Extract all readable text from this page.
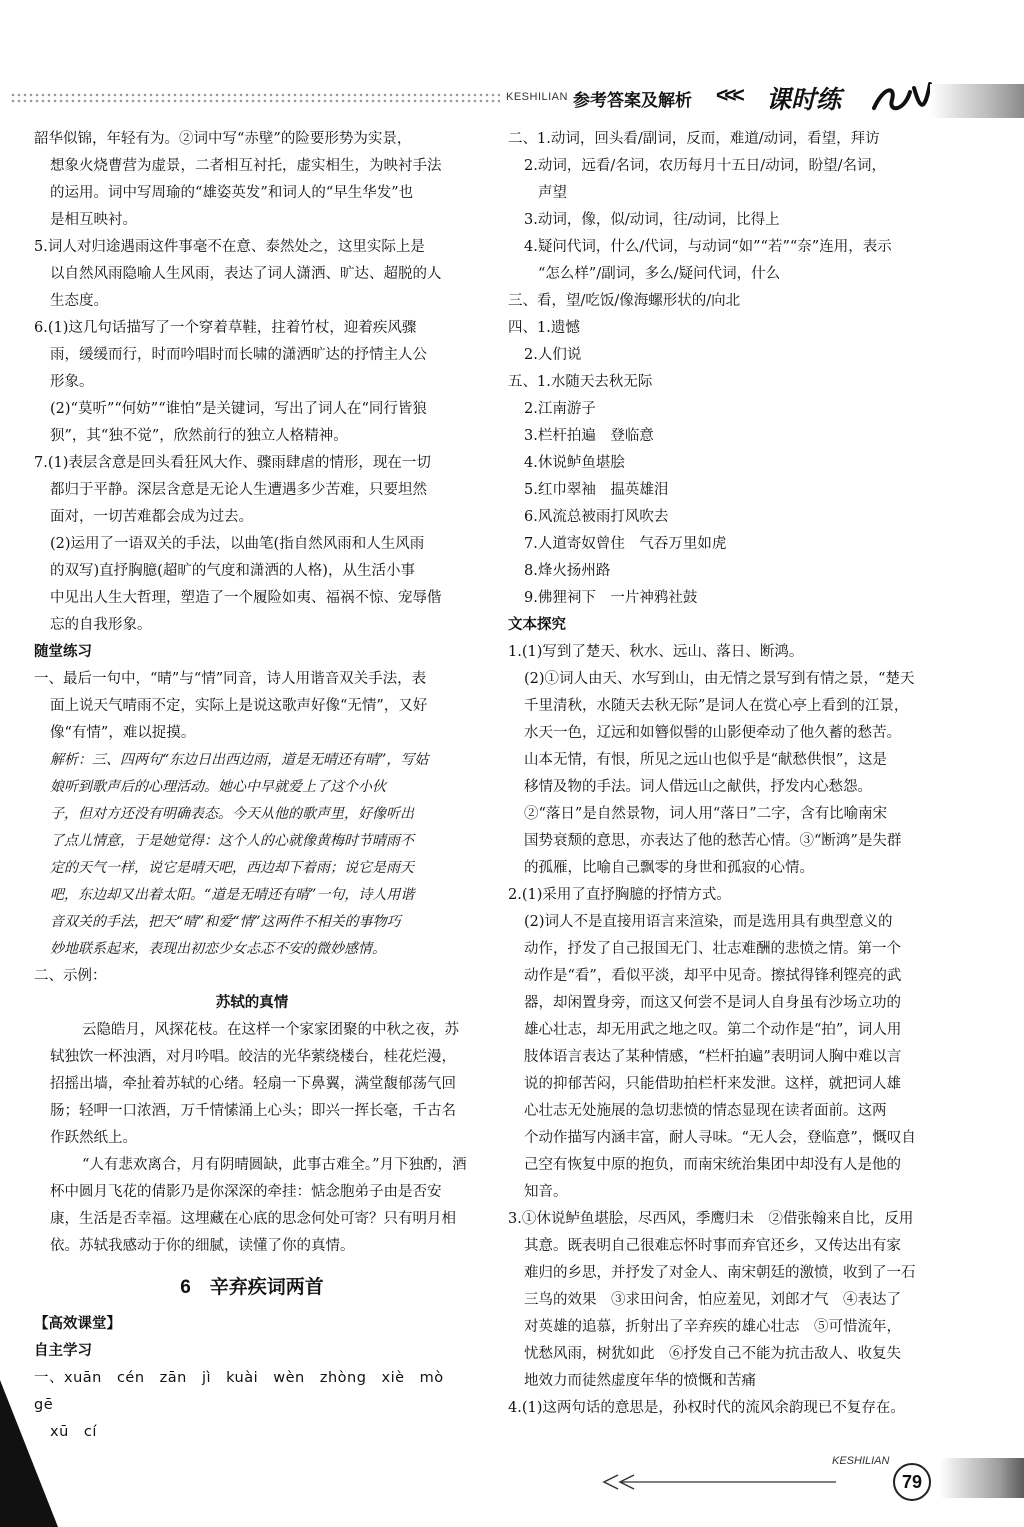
KESHILIAN 参考答案及解析 <<< 课时练

韶华似锦，年轻有为。②词中写“赤壁”的险要形势为实景，

想象火烧曹营为虚景，二者相互衬托，虚实相生，为映衬手法

的运用。词中写周瑜的“雄姿英发”和词人的“早生华发”也

是相互映衬。

5.词人对归途遇雨这件事毫不在意、泰然处之，这里实际上是

以自然风雨隐喻人生风雨，表达了词人潇洒、旷达、超脱的人

生态度。

6.(1)这几句话描写了一个穿着草鞋，拄着竹杖，迎着疾风骤

雨，缓缓而行，时而吟唱时而长啸的潇洒旷达的抒情主人公

形象。

(2)“莫听”“何妨”“谁怕”是关键词，写出了词人在“同行皆狼

狈”，其“独不觉”，欣然前行的独立人格精神。

7.(1)表层含意是回头看狂风大作、骤雨肆虐的情形，现在一切

都归于平静。深层含意是无论人生遭遇多少苦难，只要坦然

面对，一切苦难都会成为过去。

(2)运用了一语双关的手法，以曲笔(指自然风雨和人生风雨

的双写)直抒胸臆(超旷的气度和潇洒的人格)，从生活小事

中见出人生大哲理，塑造了一个履险如夷、福祸不惊、宠辱偕

忘的自我形象。

随堂练习

一、最后一句中，“晴”与“情”同音，诗人用谐音双关手法，表

面上说天气晴雨不定，实际上是说这歌声好像“无情”，又好

像“有情”，难以捉摸。

解析：三、四两句“东边日出西边雨，道是无晴还有晴”，写姑

娘听到歌声后的心理活动。她心中早就爱上了这个小伙

子，但对方还没有明确表态。今天从他的歌声里，好像听出

了点儿情意，于是她觉得：这个人的心就像黄梅时节晴雨不

定的天气一样，说它是晴天吧，西边却下着雨；说它是雨天

吧，东边却又出着太阳。“道是无晴还有晴”一句，诗人用谐

音双关的手法，把天“晴”和爱“情”这两件不相关的事物巧

妙地联系起来，表现出初恋少女忐忑不安的微妙感情。

二、示例：

苏轼的真情

云隐皓月，风探花枝。在这样一个家家团聚的中秋之夜，苏轼独饮一杯浊酒，对月吟唱。皎洁的光华萦绕楼台，桂花烂漫，招摇出墙，牵扯着苏轼的心绪。轻扇一下鼻翼，满堂馥郁荡气回肠；轻呷一口浓酒，万千情愫涌上心头；即兴一挥长毫，千古名作跃然纸上。

“人有悲欢离合，月有阴晴圆缺，此事古难全。”月下独酌，酒杯中圆月飞花的倩影乃是你深深的牵挂：惦念胞弟子由是否安康，生活是否幸福。这埋藏在心底的思念何处可寄？只有明月相依。苏轼我感动于你的细腻，读懂了你的真情。

6　辛弃疾词两首

【高效课堂】

自主学习

一、xuān cén zān jì kuài wèn zhòng xiè mò gē

xū cí

二、1.动词，回头看/副词，反而，难道/动词，看望，拜访

2.动词，远看/名词，农历每月十五日/动词，盼望/名词，

声望

3.动词，像，似/动词，往/动词，比得上

4.疑问代词，什么/代词，与动词“如”“若”“奈”连用，表示

“怎么样”/副词，多么/疑问代词，什么

三、看，望/吃饭/像海螺形状的/向北

四、1.遗憾

2.人们说

五、1.水随天去秋无际

2.江南游子

3.栏杆拍遍　登临意

4.休说鲈鱼堪脍

5.红巾翠袖　揾英雄泪

6.风流总被雨打风吹去

7.人道寄奴曾住　气吞万里如虎

8.烽火扬州路

9.佛狸祠下　一片神鸦社鼓

文本探究

1.(1)写到了楚天、秋水、远山、落日、断鸿。

(2)①词人由天、水写到山，由无情之景写到有情之景，“楚天

千里清秋，水随天去秋无际”是词人在赏心亭上看到的江景，

水天一色，辽远和如簪似髻的山影便牵动了他久蓄的愁苦。

山本无情，有恨，所见之远山也似乎是“献愁供恨”，这是

移情及物的手法。词人借远山之献供，抒发内心愁怨。

②“落日”是自然景物，词人用“落日”二字，含有比喻南宋

国势衰颓的意思，亦表达了他的愁苦心情。③“断鸿”是失群

的孤雁，比喻自己飘零的身世和孤寂的心情。

2.(1)采用了直抒胸臆的抒情方式。

(2)词人不是直接用语言来渲染，而是选用具有典型意义的

动作，抒发了自己报国无门、壮志难酬的悲愤之情。第一个

动作是“看”，看似平淡，却平中见奇。擦拭得锋利铿亮的武

器，却闲置身旁，而这又何尝不是词人自身虽有沙场立功的

雄心壮志，却无用武之地之叹。第二个动作是“拍”，词人用

肢体语言表达了某种情感，“栏杆拍遍”表明词人胸中难以言

说的抑郁苦闷，只能借助拍栏杆来发泄。这样，就把词人雄

心壮志无处施展的急切悲愤的情态显现在读者面前。这两

个动作描写内涵丰富，耐人寻味。“无人会，登临意”，慨叹自

己空有恢复中原的抱负，而南宋统治集团中却没有人是他的

知音。

3.①休说鲈鱼堪脍，尽西风，季鹰归未　②借张翰来自比，反用

其意。既表明自己很难忘怀时事而弃官还乡，又传达出有家

难归的乡思，并抒发了对金人、南宋朝廷的激愤，收到了一石

三鸟的效果　③求田问舍，怕应羞见，刘郎才气　④表达了

对英雄的追慕，折射出了辛弃疾的雄心壮志　⑤可惜流年，

忧愁风雨，树犹如此　⑥抒发自己不能为抗击敌人、收复失

地效力而徒然虚度年华的愤慨和苦痛

4.(1)这两句话的意思是，孙权时代的流风余韵现已不复存在。

KESHILIAN
79
